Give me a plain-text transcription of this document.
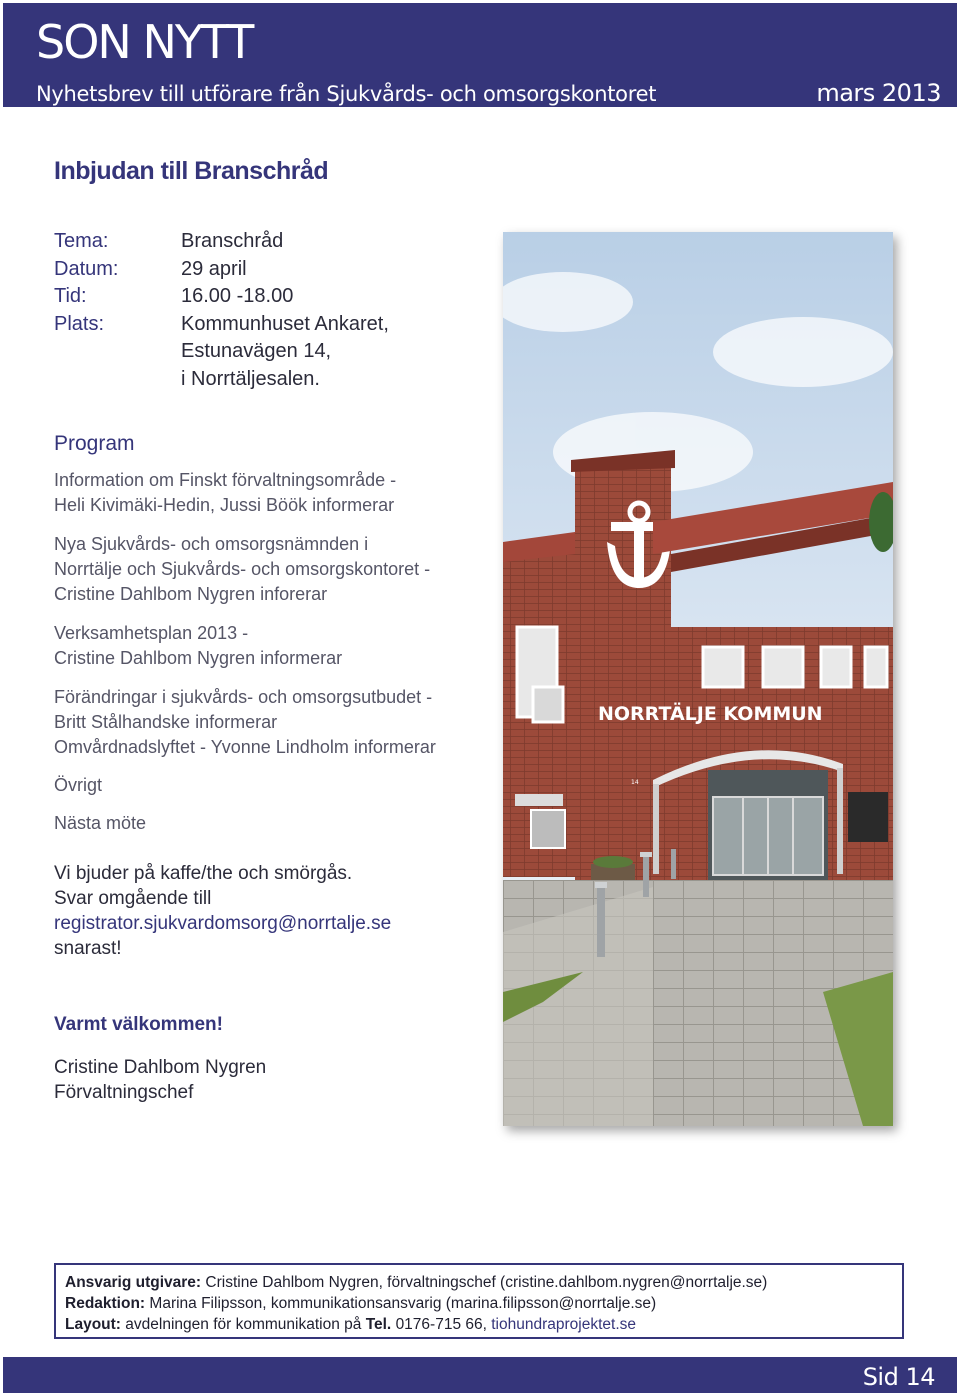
SON NYTT
Nyhetsbrev till utförare från Sjukvårds- och omsorgskontoret	mars 2013
Inbjudan till Branschråd
Tema:	Branschråd
Datum:	29 april
Tid:	16.00 -18.00
Plats:	Kommunhuset Ankaret,
Estunavägen 14,
i Norrtäljesalen.
Program
Information om Finskt förvaltningsområde -
Heli Kivimäki-Hedin, Jussi Böök informerar
Nya Sjukvårds- och omsorgsnämnden i
Norrtälje och Sjukvårds- och omsorgskontoret -
Cristine Dahlbom Nygren inforerar
Verksamhetsplan 2013 -
Cristine Dahlbom Nygren informerar
Förändringar i sjukvårds- och omsorgsutbudet -
Britt Stålhandske informerar
Omvårdnadslyftet - Yvonne Lindholm informerar
Övrigt
Nästa möte
Vi bjuder på kaffe/the och smörgås.
Svar omgående till
registrator.sjukvardomsorg@norrtalje.se
snarast!
Varmt välkommen!
Cristine Dahlbom Nygren
Förvaltningschef
NORRTÄLJE KOMMUN
14
Ansvarig utgivare: Cristine Dahlbom Nygren, förvaltningschef (cristine.dahlbom.nygren@norrtalje.se)
Redaktion: Marina Filipsson, kommunikationsansvarig (marina.filipsson@norrtalje.se)
Layout: avdelningen för kommunikation på Tel. 0176-715 66, tiohundraprojektet.se
Sid 14
